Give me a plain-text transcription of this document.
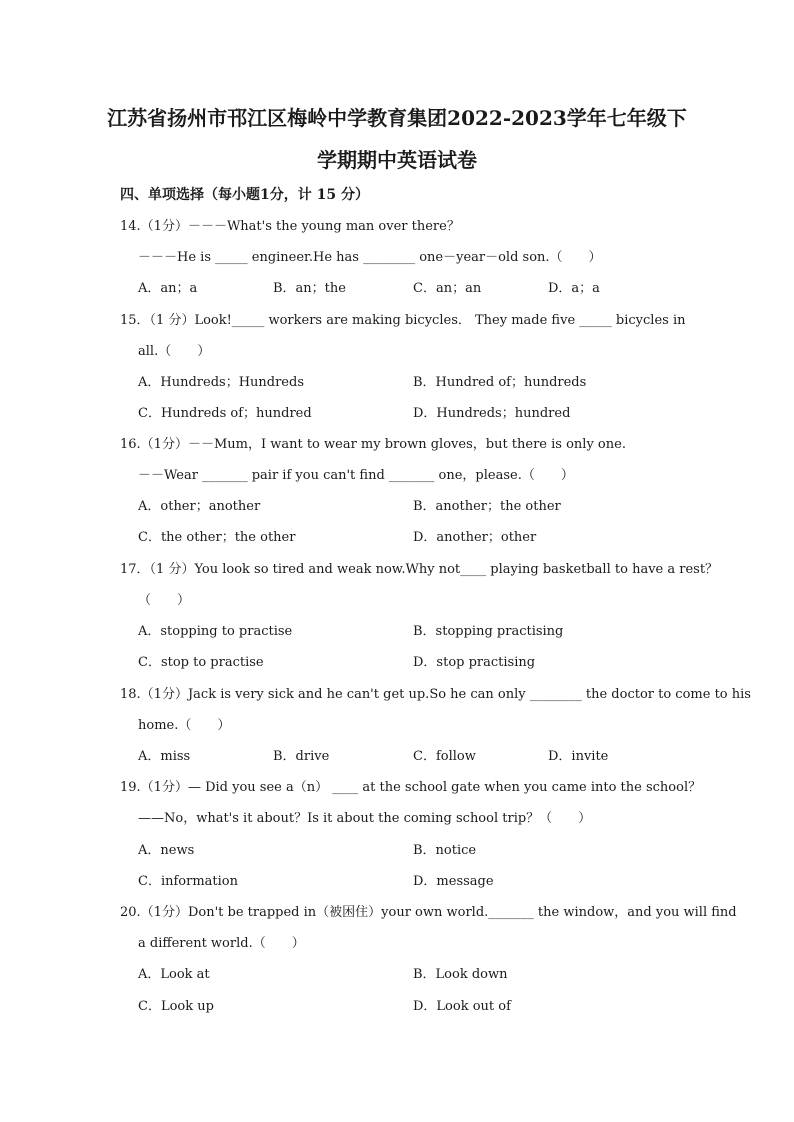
江苏省扬州市邗江区梅岭中学教育集团2022-2023学年七年级下
学期期中英语试卷
四、单项选择（每小题1分，计 15 分）
14.（1分）－－－What's the young man over there？
－－－He is _____ engineer.He has ________ one－year－old son.（　　）
A．an；a	B．an；the	C．an；an	D．a；a
15．（1 分）Look!_____ workers are making bicycles． They made five _____ bicycles in
all.（　　）
A．Hundreds；Hundreds	B．Hundred of；hundreds
C．Hundreds of；hundred	D．Hundreds；hundred
16.（1分）－－Mum，I want to wear my brown gloves，but there is only one.
－－Wear _______ pair if you can't find _______ one，please.（　　）
A．other；another	B．another；the other
C．the other；the other	D．another；other
17．（1 分）You look so tired and weak now.Why not____ playing basketball to have a rest？
（　　）
A．stopping to practise	B．stopping practising
C．stop to practise	D．stop practising
18.（1分）Jack is very sick and he can't get up.So he can only ________ the doctor to come to his
home.（　　）
A．miss	B．drive	C．follow	D．invite
19.（1分）— Did you see a（n） ____ at the school gate when you came into the school？
——No，what's it about？Is it about the coming school trip？（　　）
A．news	B．notice
C．information	D．message
20.（1分）Don't be trapped in（被困住）your own world._______ the window，and you will find
a different world.（　　）
A．Look at	B．Look down
C．Look up	D．Look out of
